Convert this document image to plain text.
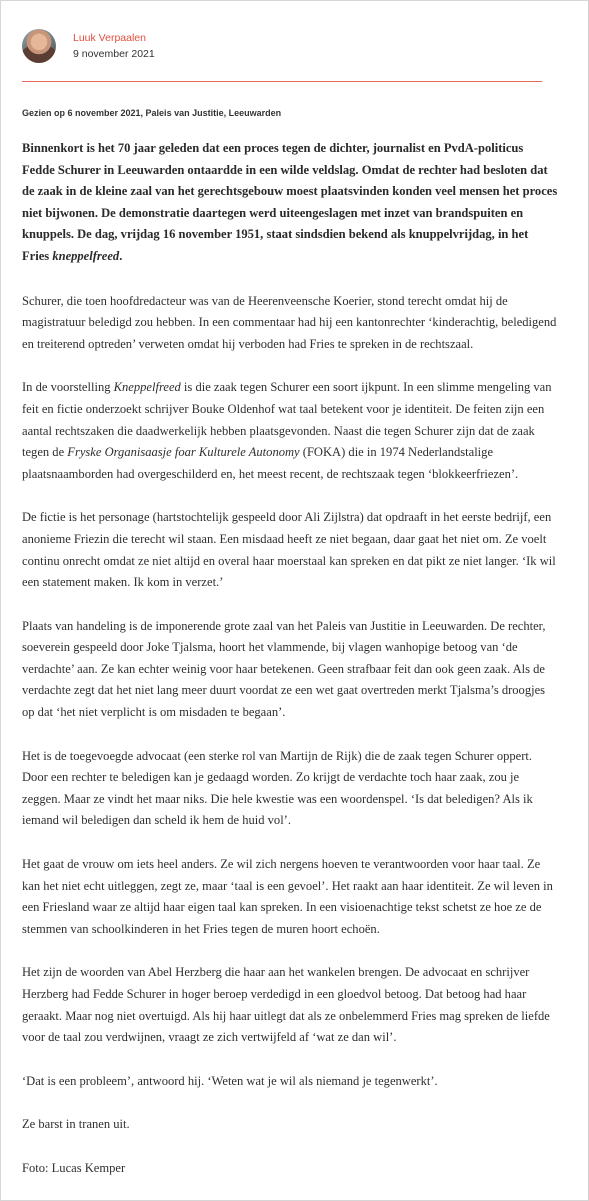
Luuk Verpaalen
9 november 2021
Gezien op 6 november 2021, Paleis van Justitie, Leeuwarden

Binnenkort is het 70 jaar geleden dat een proces tegen de dichter, journalist en PvdA-politicus Fedde Schurer in Leeuwarden ontaardde in een wilde veldslag. Omdat de rechter had besloten dat de zaak in de kleine zaal van het gerechtsgebouw moest plaatsvinden konden veel mensen het proces niet bijwonen. De demonstratie daartegen werd uiteengeslagen met inzet van brandspuiten en knuppels. De dag, vrijdag 16 november 1951, staat sindsdien bekend als knuppelvrijdag, in het Fries kneppelfreed.

Schurer, die toen hoofdredacteur was van de Heerenveensche Koerier, stond terecht omdat hij de magistratuur beledigd zou hebben. In een commentaar had hij een kantonrechter ‘kinderachtig, beledigend en treiterend optreden’ verweten omdat hij verboden had Fries te spreken in de rechtszaal.

In de voorstelling Kneppelfreed is die zaak tegen Schurer een soort ijkpunt. In een slimme mengeling van feit en fictie onderzoekt schrijver Bouke Oldenhof wat taal betekent voor je identiteit. De feiten zijn een aantal rechtszaken die daadwerkelijk hebben plaatsgevonden. Naast die tegen Schurer zijn dat de zaak tegen de Fryske Organisaasje foar Kulturele Autonomy (FOKA) die in 1974 Nederlandstalige plaatsnaamborden had overgeschilderd en, het meest recent, de rechtszaak tegen ‘blokkeerfriezen’.

De fictie is het personage (hartstochtelijk gespeeld door Ali Zijlstra) dat opdraaft in het eerste bedrijf, een anonieme Friezin die terecht wil staan. Een misdaad heeft ze niet begaan, daar gaat het niet om. Ze voelt continu onrecht omdat ze niet altijd en overal haar moerstaal kan spreken en dat pikt ze niet langer. ‘Ik wil een statement maken. Ik kom in verzet.’

Plaats van handeling is de imponerende grote zaal van het Paleis van Justitie in Leeuwarden. De rechter, soeverein gespeeld door Joke Tjalsma, hoort het vlammende, bij vlagen wanhopige betoog van ‘de verdachte’ aan. Ze kan echter weinig voor haar betekenen. Geen strafbaar feit dan ook geen zaak. Als de verdachte zegt dat het niet lang meer duurt voordat ze een wet gaat overtreden merkt Tjalsma’s droogjes op dat ‘het niet verplicht is om misdaden te begaan’.

Het is de toegevoegde advocaat (een sterke rol van Martijn de Rijk) die de zaak tegen Schurer oppert. Door een rechter te beledigen kan je gedaagd worden. Zo krijgt de verdachte toch haar zaak, zou je zeggen. Maar ze vindt het maar niks. Die hele kwestie was een woordenspel. ‘Is dat beledigen? Als ik iemand wil beledigen dan scheld ik hem de huid vol’.

Het gaat de vrouw om iets heel anders. Ze wil zich nergens hoeven te verantwoorden voor haar taal. Ze kan het niet echt uitleggen, zegt ze, maar ‘taal is een gevoel’. Het raakt aan haar identiteit. Ze wil leven in een Friesland waar ze altijd haar eigen taal kan spreken. In een visioenachtige tekst schetst ze hoe ze de stemmen van schoolkinderen in het Fries tegen de muren hoort echoën.

Het zijn de woorden van Abel Herzberg die haar aan het wankelen brengen. De advocaat en schrijver Herzberg had Fedde Schurer in hoger beroep verdedigd in een gloedvol betoog. Dat betoog had haar geraakt. Maar nog niet overtuigd. Als hij haar uitlegt dat als ze onbelemmerd Fries mag spreken de liefde voor de taal zou verdwijnen, vraagt ze zich vertwijfeld af ‘wat ze dan wil’.

‘Dat is een probleem’, antwoord hij. ‘Weten wat je wil als niemand je tegenwerkt’.

Ze barst in tranen uit.

Foto: Lucas Kemper
